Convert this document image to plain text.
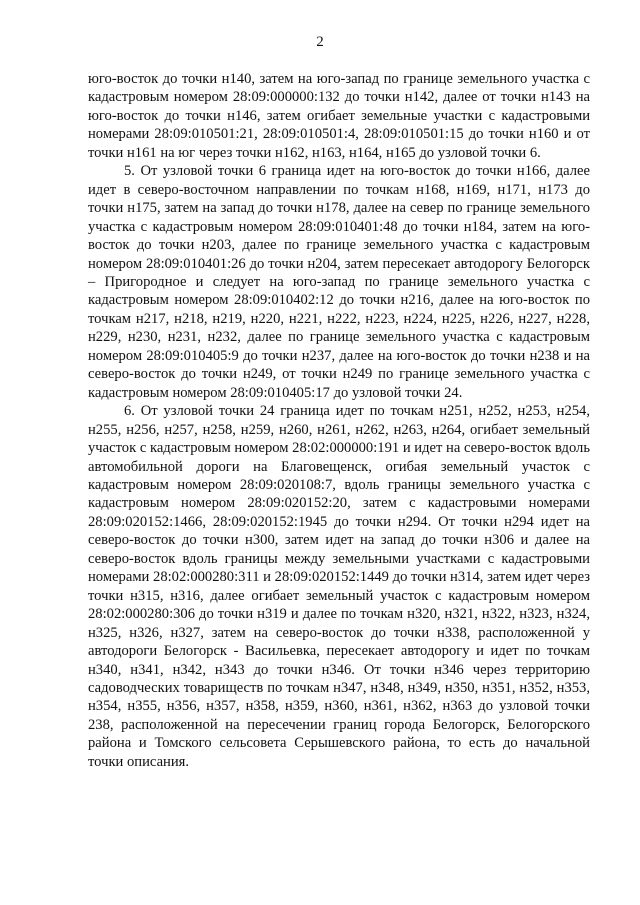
2

юго-восток до точки н140, затем на юго-запад по границе земельного участка с кадастровым номером 28:09:000000:132 до точки н142, далее от точки н143 на юго-восток до точки н146, затем огибает земельные участки с кадастровыми номерами 28:09:010501:21, 28:09:010501:4, 28:09:010501:15 до точки н160 и от точки н161 на юг через точки н162, н163, н164, н165 до узловой точки 6.

5. От узловой точки 6 граница идет на юго-восток до точки н166, далее идет в северо-восточном направлении по точкам н168, н169, н171, н173 до точки н175, затем на запад до точки н178, далее на север по границе земельного участка с кадастровым номером 28:09:010401:48 до точки н184, затем на юго-восток до точки н203, далее по границе земельного участка с кадастровым номером 28:09:010401:26 до точки н204, затем пересекает автодорогу Белогорск – Пригородное и следует на юго-запад по границе земельного участка с кадастровым номером 28:09:010402:12 до точки н216, далее на юго-восток по точкам н217, н218, н219, н220, н221, н222, н223, н224, н225, н226, н227, н228, н229, н230, н231, н232, далее по границе земельного участка с кадастровым номером 28:09:010405:9 до точки н237, далее на юго-восток до точки н238 и на северо-восток до точки н249, от точки н249 по границе земельного участка с кадастровым номером 28:09:010405:17 до узловой точки 24.

6. От узловой точки 24 граница идет по точкам н251, н252, н253, н254, н255, н256, н257, н258, н259, н260, н261, н262, н263, н264, огибает земельный участок с кадастровым номером 28:02:000000:191 и идет на северо-восток вдоль автомобильной дороги на Благовещенск, огибая земельный участок с кадастровым номером 28:09:020108:7, вдоль границы земельного участка с кадастровым номером 28:09:020152:20, затем с кадастровыми номерами 28:09:020152:1466, 28:09:020152:1945 до точки н294. От точки н294 идет на северо-восток до точки н300, затем идет на запад до точки н306 и далее на северо-восток вдоль границы между земельными участками с кадастровыми номерами 28:02:000280:311 и 28:09:020152:1449 до точки н314, затем идет через точки н315, н316, далее огибает земельный участок с кадастровым номером 28:02:000280:306 до точки н319 и далее по точкам н320, н321, н322, н323, н324, н325, н326, н327, затем на северо-восток до точки н338, расположенной у автодороги Белогорск - Васильевка, пересекает автодорогу и идет по точкам н340, н341, н342, н343 до точки н346. От точки н346 через территорию садоводческих товариществ по точкам н347, н348, н349, н350, н351, н352, н353, н354, н355, н356, н357, н358, н359, н360, н361, н362, н363 до узловой точки 238, расположенной на пересечении границ города Белогорск, Белогорского района и Томского сельсовета Серышевского района, то есть до начальной точки описания.
